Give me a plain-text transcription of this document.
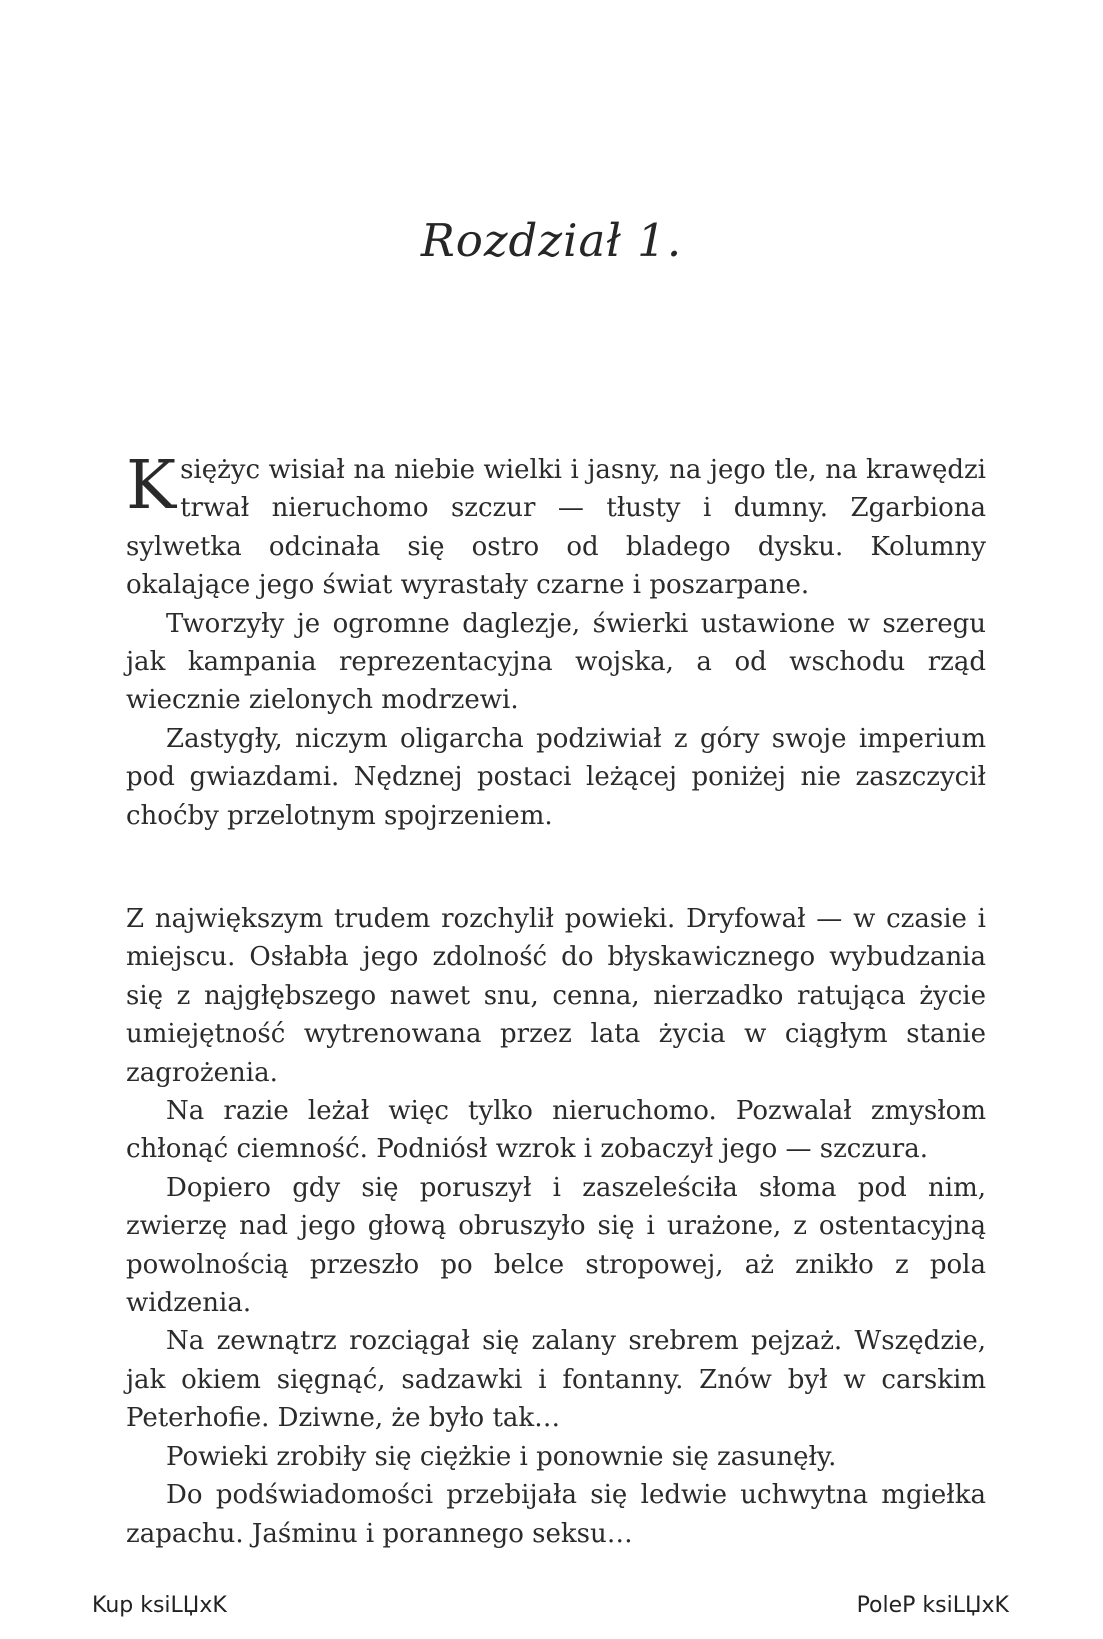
Rozdział 1.

Księżyc wisiał na niebie wielki i jasny, na jego tle, na krawędzi trwał nieruchomo szczur — tłusty i dumny. Zgarbiona sylwetka odcinała się ostro od bladego dysku. Kolumny okalające jego świat wyrastały czarne i poszarpane.

Tworzyły je ogromne daglezje, świerki ustawione w szeregu jak kampania reprezentacyjna wojska, a od wschodu rząd wiecznie zielonych modrzewi.

Zastygły, niczym oligarcha podziwiał z góry swoje imperium pod gwiazdami. Nędznej postaci leżącej poniżej nie zaszczycił choćby przelotnym spojrzeniem.

Z największym trudem rozchylił powieki. Dryfował — w czasie i miejscu. Osłabła jego zdolność do błyskawicznego wybudzania się z najgłębszego nawet snu, cenna, nierzadko ratująca życie umiejętność wytrenowana przez lata życia w ciągłym stanie zagrożenia.

Na razie leżał więc tylko nieruchomo. Pozwalał zmysłom chłonąć ciemność. Podniósł wzrok i zobaczył jego — szczura.

Dopiero gdy się poruszył i zaszeleściła słoma pod nim, zwierzę nad jego głową obruszyło się i urażone, z ostentacyjną powolnością przeszło po belce stropowej, aż znikło z pola widzenia.

Na zewnątrz rozciągał się zalany srebrem pejzaż. Wszędzie, jak okiem sięgnąć, sadzawki i fontanny. Znów był w carskim Peterhofie. Dziwne, że było tak…

Powieki zrobiły się ciężkie i ponownie się zasunęły.

Do podświadomości przebijała się ledwie uchwytna mgiełka zapachu. Jaśminu i porannego seksu…

Kup ksiLЏxK	PoleP ksiLЏxK
